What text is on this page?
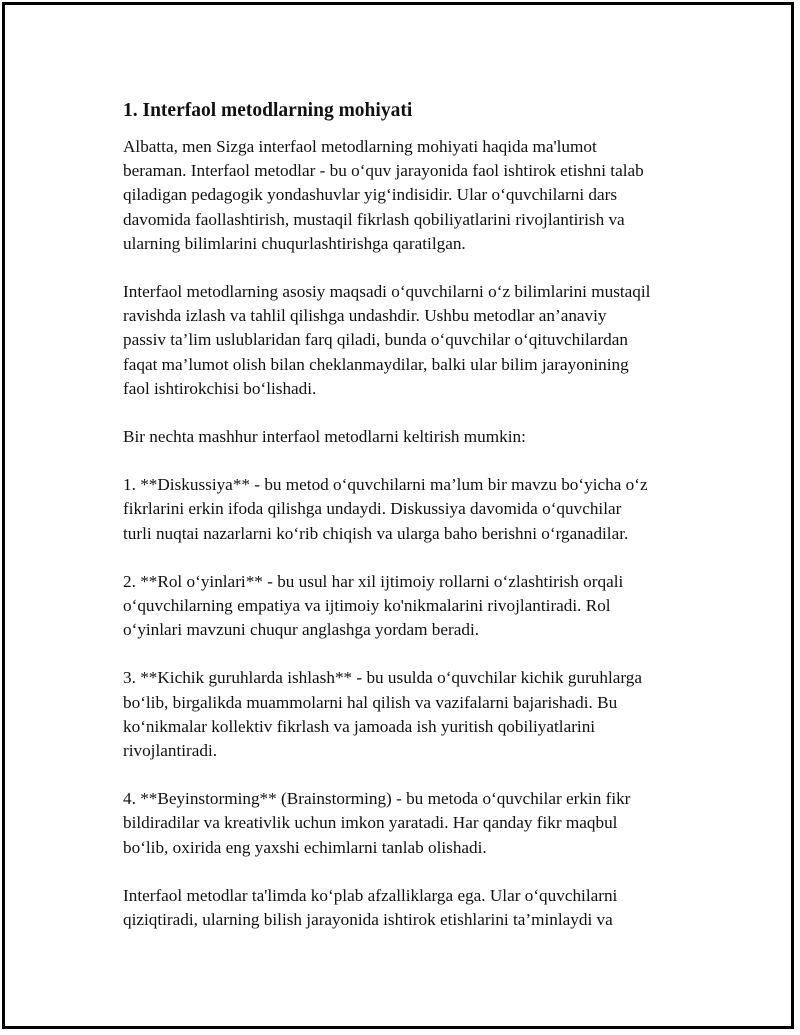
1. Interfaol metodlarning mohiyati

Albatta, men Sizga interfaol metodlarning mohiyati haqida ma'lumot
beraman. Interfaol metodlar - bu o‘quv jarayonida faol ishtirok etishni talab
qiladigan pedagogik yondashuvlar yig‘indisidir. Ular o‘quvchilarni dars
davomida faollashtirish, mustaqil fikrlash qobiliyatlarini rivojlantirish va
ularning bilimlarini chuqurlashtirishga qaratilgan.

Interfaol metodlarning asosiy maqsadi o‘quvchilarni o‘z bilimlarini mustaqil
ravishda izlash va tahlil qilishga undashdir. Ushbu metodlar an’anaviy
passiv ta’lim uslublaridan farq qiladi, bunda o‘quvchilar o‘qituvchilardan
faqat ma’lumot olish bilan cheklanmaydilar, balki ular bilim jarayonining
faol ishtirokchisi bo‘lishadi.

Bir nechta mashhur interfaol metodlarni keltirish mumkin:

1. **Diskussiya** - bu metod o‘quvchilarni ma’lum bir mavzu bo‘yicha o‘z
fikrlarini erkin ifoda qilishga undaydi. Diskussiya davomida o‘quvchilar
turli nuqtai nazarlarni ko‘rib chiqish va ularga baho berishni o‘rganadilar.

2. **Rol o‘yinlari** - bu usul har xil ijtimoiy rollarni o‘zlashtirish orqali
o‘quvchilarning empatiya va ijtimoiy ko'nikmalarini rivojlantiradi. Rol
o‘yinlari mavzuni chuqur anglashga yordam beradi.

3. **Kichik guruhlarda ishlash** - bu usulda o‘quvchilar kichik guruhlarga
bo‘lib, birgalikda muammolarni hal qilish va vazifalarni bajarishadi. Bu
ko‘nikmalar kollektiv fikrlash va jamoada ish yuritish qobiliyatlarini
rivojlantiradi.

4. **Beyinstorming** (Brainstorming) - bu metoda o‘quvchilar erkin fikr
bildiradilar va kreativlik uchun imkon yaratadi. Har qanday fikr maqbul
bo‘lib, oxirida eng yaxshi echimlarni tanlab olishadi.

Interfaol metodlar ta'limda ko‘plab afzalliklarga ega. Ular o‘quvchilarni
qiziqtiradi, ularning bilish jarayonida ishtirok etishlarini ta’minlaydi va
